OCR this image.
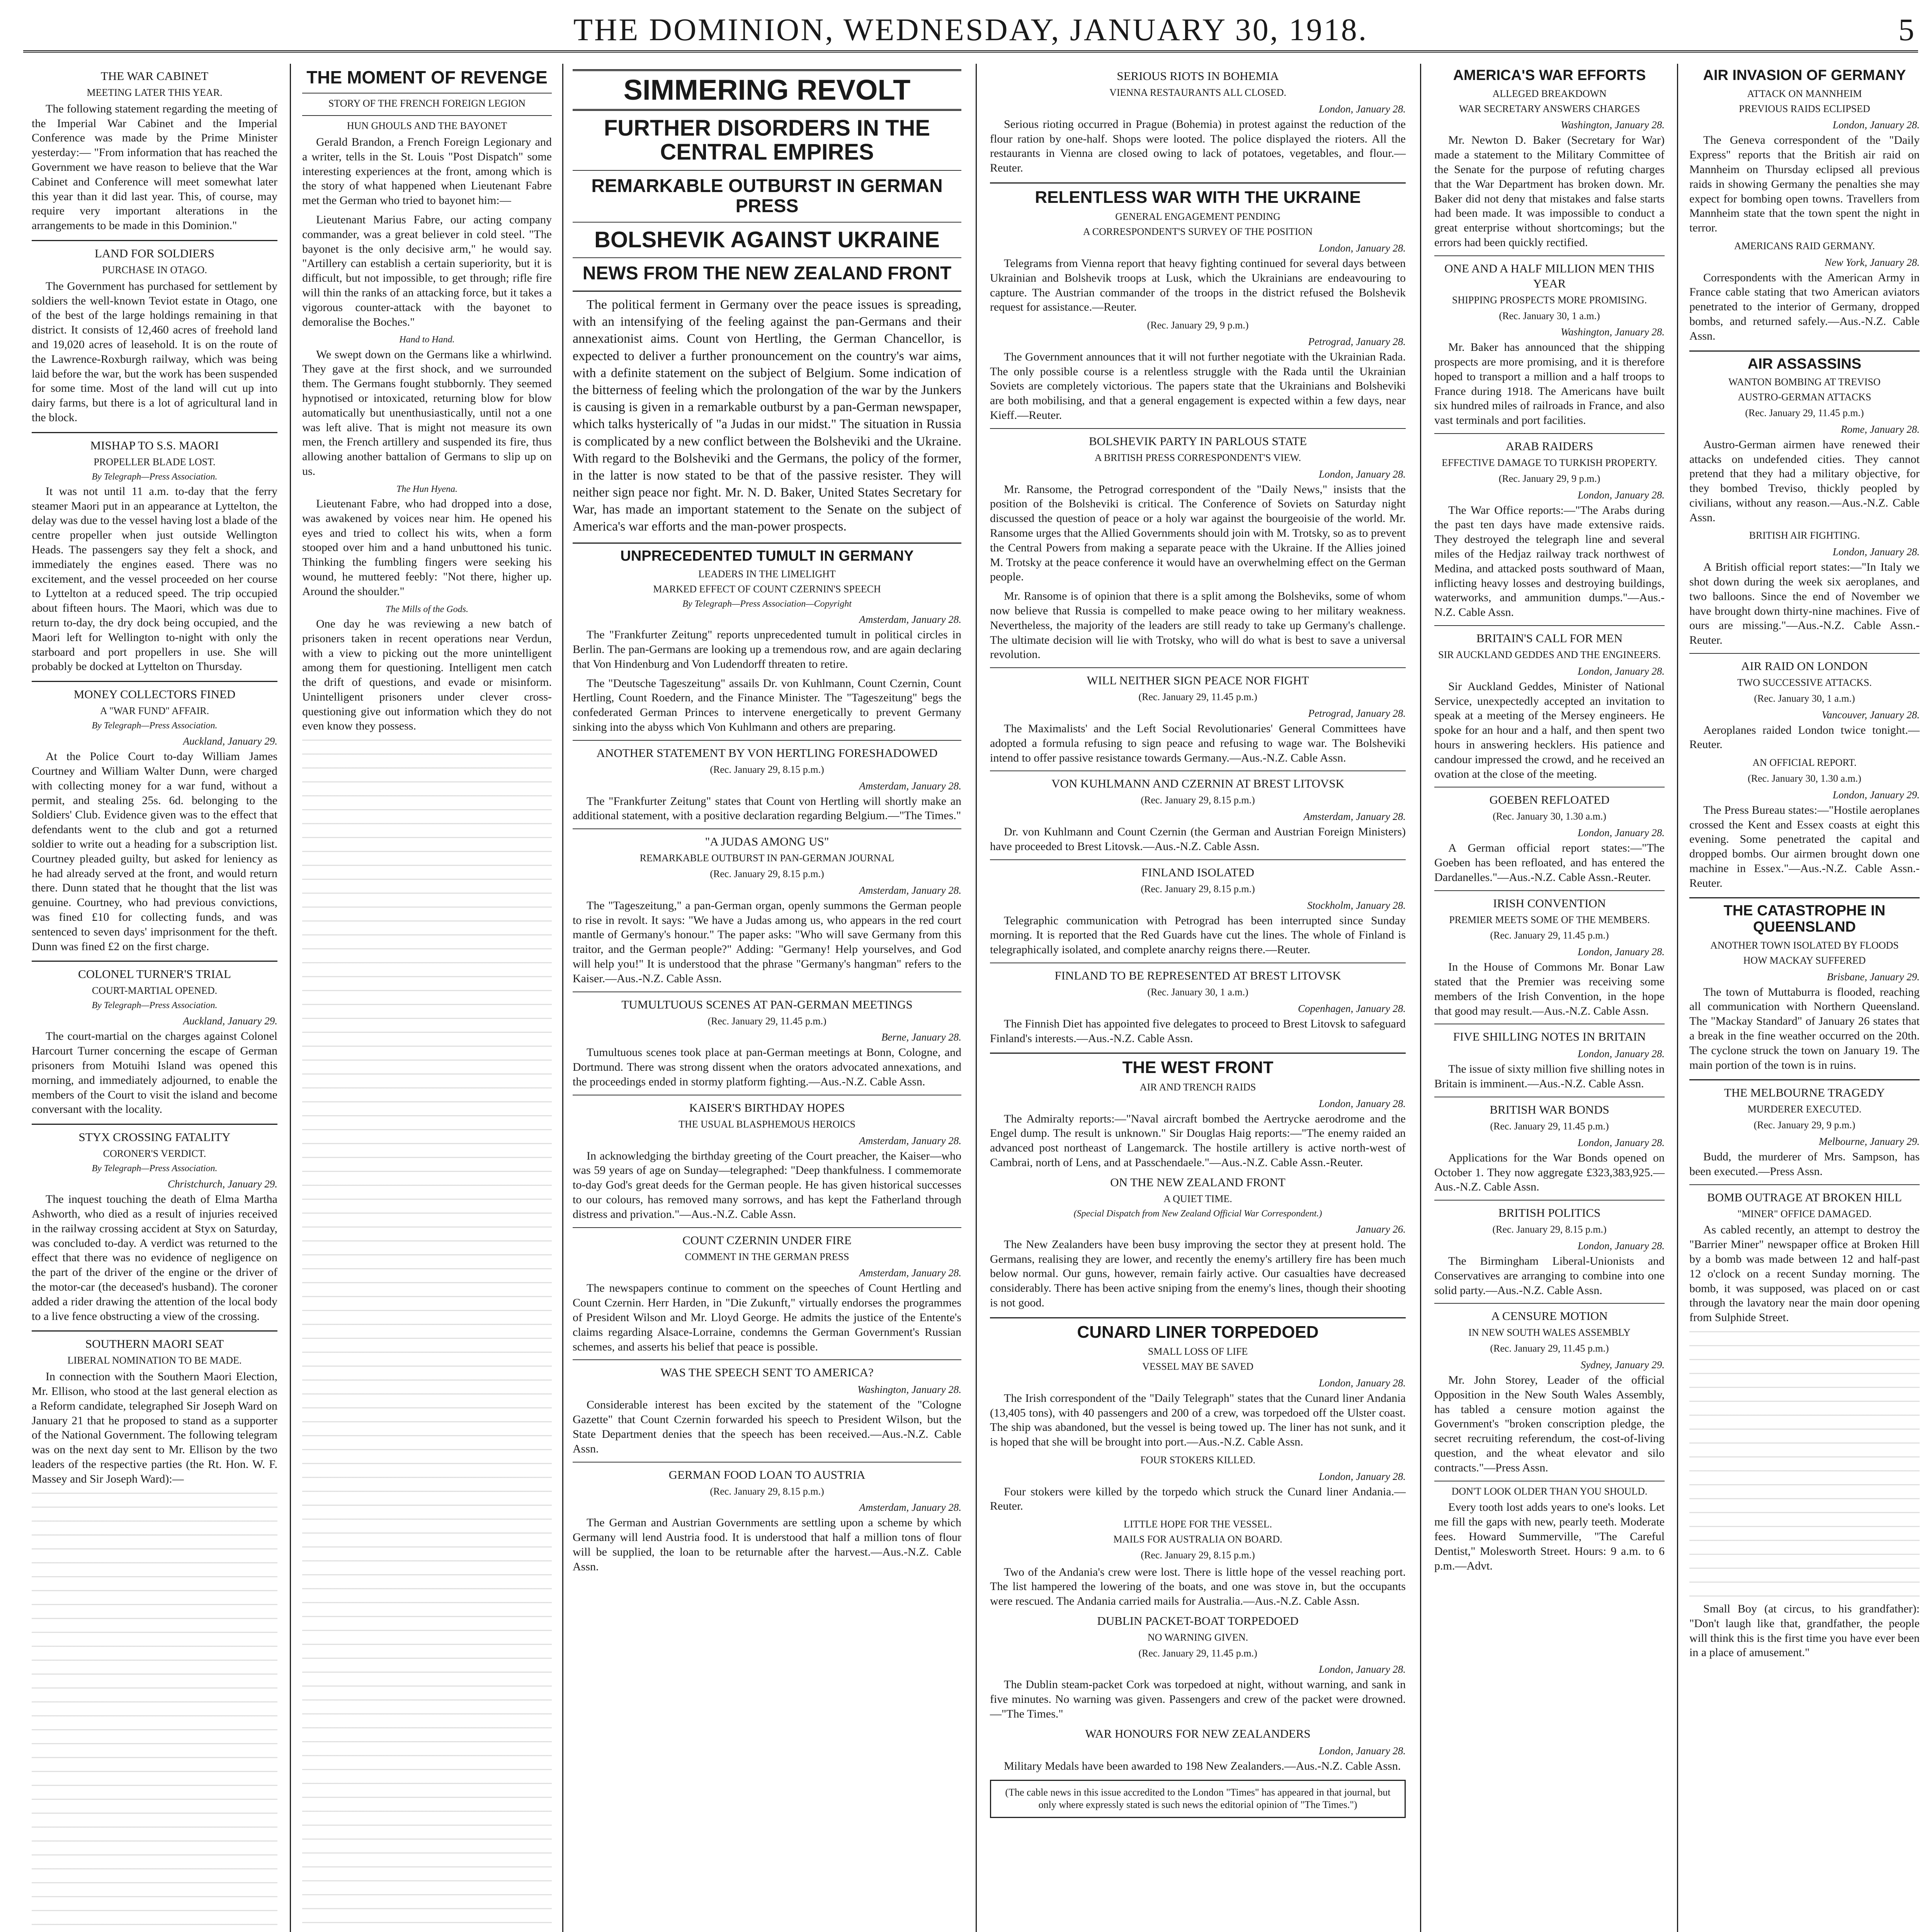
THE DOMINION, WEDNESDAY, JANUARY 30, 1918.	5
THE WAR CABINET
MEETING LATER THIS YEAR.

The following statement regarding the meeting of the Imperial War Cabinet and the Imperial Conference was made by the Prime Minister yesterday:— "From information that has reached the Government we have reason to believe that the War Cabinet and Conference will meet somewhat later this year than it did last year. This, of course, may require very important alterations in the arrangements to be made in this Dominion."

LAND FOR SOLDIERS
PURCHASE IN OTAGO.

The Government has purchased for settlement by soldiers the well-known Teviot estate in Otago, one of the best of the large holdings remaining in that district. It consists of 12,460 acres of freehold land and 19,020 acres of leasehold. It is on the route of the Lawrence-Roxburgh railway, which was being laid before the war, but the work has been suspended for some time. Most of the land will cut up into dairy farms, but there is a lot of agricultural land in the block.

MISHAP TO S.S. MAORI
PROPELLER BLADE LOST.
By Telegraph—Press Association.

It was not until 11 a.m. to-day that the ferry steamer Maori put in an appearance at Lyttelton, the delay was due to the vessel having lost a blade of the centre propeller when just outside Wellington Heads. The passengers say they felt a shock, and immediately the engines eased. There was no excitement, and the vessel proceeded on her course to Lyttelton at a reduced speed. The trip occupied about fifteen hours. The Maori, which was due to return to-day, the dry dock being occupied, and the Maori left for Wellington to-night with only the starboard and port propellers in use. She will probably be docked at Lyttelton on Thursday.

MONEY COLLECTORS FINED
A "WAR FUND" AFFAIR.
By Telegraph—Press Association.
Auckland, January 29.

At the Police Court to-day William James Courtney and William Walter Dunn, were charged with collecting money for a war fund, without a permit, and stealing 25s. 6d. belonging to the Soldiers' Club. Evidence given was to the effect that defendants went to the club and got a returned soldier to write out a heading for a subscription list. Courtney pleaded guilty, but asked for leniency as he had already served at the front, and would return there. Dunn stated that he thought that the list was genuine. Courtney, who had previous convictions, was fined £10 for collecting funds, and was sentenced to seven days' imprisonment for the theft. Dunn was fined £2 on the first charge.

COLONEL TURNER'S TRIAL
COURT-MARTIAL OPENED.
By Telegraph—Press Association.
Auckland, January 29.

The court-martial on the charges against Colonel Harcourt Turner concerning the escape of German prisoners from Motuihi Island was opened this morning, and immediately adjourned, to enable the members of the Court to visit the island and become conversant with the locality.

STYX CROSSING FATALITY
CORONER'S VERDICT.
By Telegraph—Press Association.
Christchurch, January 29.

The inquest touching the death of Elma Martha Ashworth, who died as a result of injuries received in the railway crossing accident at Styx on Saturday, was concluded to-day. A verdict was returned to the effect that there was no evidence of negligence on the part of the driver of the engine or the driver of the motor-car (the deceased's husband). The coroner added a rider drawing the attention of the local body to a live fence obstructing a view of the crossing.

SOUTHERN MAORI SEAT
LIBERAL NOMINATION TO BE MADE.

In connection with the Southern Maori Election, Mr. Ellison, who stood at the last general election as a Reform candidate, telegraphed Sir Joseph Ward on January 21 that he proposed to stand as a supporter of the National Government. The following telegram was on the next day sent to Mr. Ellison by the two leaders of the respective parties (the Rt. Hon. W. F. Massey and Sir Joseph Ward):—

THE MOMENT OF REVENGE
STORY OF THE FRENCH FOREIGN LEGION
HUN GHOULS AND THE BAYONET

Gerald Brandon, a French Foreign Legionary and a writer, tells in the St. Louis "Post Dispatch" some interesting experiences at the front, among which is the story of what happened when Lieutenant Fabre met the German who tried to bayonet him:—

Lieutenant Marius Fabre, our acting company commander, was a great believer in cold steel. "The bayonet is the only decisive arm," he would say. "Artillery can establish a certain superiority, but it is difficult, but not impossible, to get through; rifle fire will thin the ranks of an attacking force, but it takes a vigorous counter-attack with the bayonet to demoralise the Boches."

Hand to Hand.

We swept down on the Germans like a whirlwind. They gave at the first shock, and we surrounded them. The Germans fought stubbornly. They seemed hypnotised or intoxicated, returning blow for blow automatically but unenthusiastically, until not a one was left alive. That is might not measure its own men, the French artillery and suspended its fire, thus allowing another battalion of Germans to slip up on us.

The Hun Hyena.

Lieutenant Fabre, who had dropped into a dose, was awakened by voices near him. He opened his eyes and tried to collect his wits, when a form stooped over him and a hand unbuttoned his tunic. Thinking the fumbling fingers were seeking his wound, he muttered feebly: "Not there, higher up. Around the shoulder."

The Mills of the Gods.

One day he was reviewing a new batch of prisoners taken in recent operations near Verdun, with a view to picking out the more unintelligent among them for questioning. Intelligent men catch the drift of questions, and evade or misinform. Unintelligent prisoners under clever cross-questioning give out information which they do not even know they possess.

SIMMERING REVOLT
FURTHER DISORDERS IN THE CENTRAL EMPIRES
REMARKABLE OUTBURST IN GERMAN PRESS
BOLSHEVIK AGAINST UKRAINE
NEWS FROM THE NEW ZEALAND FRONT

The political ferment in Germany over the peace issues is spreading, with an intensifying of the feeling against the pan-Germans and their annexationist aims. Count von Hertling, the German Chancellor, is expected to deliver a further pronouncement on the country's war aims, with a definite statement on the subject of Belgium. Some indication of the bitterness of feeling which the prolongation of the war by the Junkers is causing is given in a remarkable outburst by a pan-German newspaper, which talks hysterically of "a Judas in our midst." The situation in Russia is complicated by a new conflict between the Bolsheviki and the Ukraine. With regard to the Bolsheviki and the Germans, the policy of the former, in the latter is now stated to be that of the passive resister. They will neither sign peace nor fight. Mr. N. D. Baker, United States Secretary for War, has made an important statement to the Senate on the subject of America's war efforts and the man-power prospects.

UNPRECEDENTED TUMULT IN GERMANY
LEADERS IN THE LIMELIGHT
MARKED EFFECT OF COUNT CZERNIN'S SPEECH
By Telegraph—Press Association—Copyright
Amsterdam, January 28.

The "Frankfurter Zeitung" reports unprecedented tumult in political circles in Berlin. The pan-Germans are looking up a tremendous row, and are again declaring that Von Hindenburg and Von Ludendorff threaten to retire.

The "Deutsche Tageszeitung" assails Dr. von Kuhlmann, Count Czernin, Count Hertling, Count Roedern, and the Finance Minister. The "Tageszeitung" begs the confederated German Princes to intervene energetically to prevent Germany sinking into the abyss which Von Kuhlmann and others are preparing.

ANOTHER STATEMENT BY VON HERTLING FORESHADOWED
(Rec. January 29, 8.15 p.m.)
Amsterdam, January 28.

The "Frankfurter Zeitung" states that Count von Hertling will shortly make an additional statement, with a positive declaration regarding Belgium.—"The Times."

"A JUDAS AMONG US"
REMARKABLE OUTBURST IN PAN-GERMAN JOURNAL
(Rec. January 29, 8.15 p.m.)
Amsterdam, January 28.

The "Tageszeitung," a pan-German organ, openly summons the German people to rise in revolt. It says: "We have a Judas among us, who appears in the red court mantle of Germany's honour." The paper asks: "Who will save Germany from this traitor, and the German people?" Adding: "Germany! Help yourselves, and God will help you!" It is understood that the phrase "Germany's hangman" refers to the Kaiser.—Aus.-N.Z. Cable Assn.

TUMULTUOUS SCENES AT PAN-GERMAN MEETINGS
(Rec. January 29, 11.45 p.m.)
Berne, January 28.

Tumultuous scenes took place at pan-German meetings at Bonn, Cologne, and Dortmund. There was strong dissent when the orators advocated annexations, and the proceedings ended in stormy platform fighting.—Aus.-N.Z. Cable Assn.

KAISER'S BIRTHDAY HOPES
THE USUAL BLASPHEMOUS HEROICS
Amsterdam, January 28.

In acknowledging the birthday greeting of the Court preacher, the Kaiser—who was 59 years of age on Sunday—telegraphed: "Deep thankfulness. I commemorate to-day God's great deeds for the German people. He has given historical successes to our colours, has removed many sorrows, and has kept the Fatherland through distress and privation."—Aus.-N.Z. Cable Assn.

COUNT CZERNIN UNDER FIRE
COMMENT IN THE GERMAN PRESS
Amsterdam, January 28.

The newspapers continue to comment on the speeches of Count Hertling and Count Czernin. Herr Harden, in "Die Zukunft," virtually endorses the programmes of President Wilson and Mr. Lloyd George. He admits the justice of the Entente's claims regarding Alsace-Lorraine, condemns the German Government's Russian schemes, and asserts his belief that peace is possible.

WAS THE SPEECH SENT TO AMERICA?
Washington, January 28.

Considerable interest has been excited by the statement of the "Cologne Gazette" that Count Czernin forwarded his speech to President Wilson, but the State Department denies that the speech has been received.—Aus.-N.Z. Cable Assn.

GERMAN FOOD LOAN TO AUSTRIA
(Rec. January 29, 8.15 p.m.)
Amsterdam, January 28.

The German and Austrian Governments are settling upon a scheme by which Germany will lend Austria food. It is understood that half a million tons of flour will be supplied, the loan to be returnable after the harvest.—Aus.-N.Z. Cable Assn.

SERIOUS RIOTS IN BOHEMIA
VIENNA RESTAURANTS ALL CLOSED.
London, January 28.

Serious rioting occurred in Prague (Bohemia) in protest against the reduction of the flour ration by one-half. Shops were looted. The police displayed the rioters. All the restaurants in Vienna are closed owing to lack of potatoes, vegetables, and flour.—Reuter.

RELENTLESS WAR WITH THE UKRAINE
GENERAL ENGAGEMENT PENDING
A CORRESPONDENT'S SURVEY OF THE POSITION
London, January 28.

Telegrams from Vienna report that heavy fighting continued for several days between Ukrainian and Bolshevik troops at Lusk, which the Ukrainians are endeavouring to capture. The Austrian commander of the troops in the district refused the Bolshevik request for assistance.—Reuter.

(Rec. January 29, 9 p.m.)
Petrograd, January 28.

The Government announces that it will not further negotiate with the Ukrainian Rada. The only possible course is a relentless struggle with the Rada until the Ukrainian Soviets are completely victorious. The papers state that the Ukrainians and Bolsheviki are both mobilising, and that a general engagement is expected within a few days, near Kieff.—Reuter.

BOLSHEVIK PARTY IN PARLOUS STATE
A BRITISH PRESS CORRESPONDENT'S VIEW.
London, January 28.

Mr. Ransome, the Petrograd correspondent of the "Daily News," insists that the position of the Bolsheviki is critical. The Conference of Soviets on Saturday night discussed the question of peace or a holy war against the bourgeoisie of the world. Mr. Ransome urges that the Allied Governments should join with M. Trotsky, so as to prevent the Central Powers from making a separate peace with the Ukraine. If the Allies joined M. Trotsky at the peace conference it would have an overwhelming effect on the German people.

Mr. Ransome is of opinion that there is a split among the Bolsheviks, some of whom now believe that Russia is compelled to make peace owing to her military weakness. Nevertheless, the majority of the leaders are still ready to take up Germany's challenge. The ultimate decision will lie with Trotsky, who will do what is best to save a universal revolution.

WILL NEITHER SIGN PEACE NOR FIGHT
(Rec. January 29, 11.45 p.m.)
Petrograd, January 28.

The Maximalists' and the Left Social Revolutionaries' General Committees have adopted a formula refusing to sign peace and refusing to wage war. The Bolsheviki intend to offer passive resistance towards Germany.—Aus.-N.Z. Cable Assn.

VON KUHLMANN AND CZERNIN AT BREST LITOVSK
(Rec. January 29, 8.15 p.m.)
Amsterdam, January 28.

Dr. von Kuhlmann and Count Czernin (the German and Austrian Foreign Ministers) have proceeded to Brest Litovsk.—Aus.-N.Z. Cable Assn.

FINLAND ISOLATED
(Rec. January 29, 8.15 p.m.)
Stockholm, January 28.

Telegraphic communication with Petrograd has been interrupted since Sunday morning. It is reported that the Red Guards have cut the lines. The whole of Finland is telegraphically isolated, and complete anarchy reigns there.—Reuter.

FINLAND TO BE REPRESENTED AT BREST LITOVSK
(Rec. January 30, 1 a.m.)
Copenhagen, January 28.

The Finnish Diet has appointed five delegates to proceed to Brest Litovsk to safeguard Finland's interests.—Aus.-N.Z. Cable Assn.

THE WEST FRONT
AIR AND TRENCH RAIDS
London, January 28.

The Admiralty reports:—"Naval aircraft bombed the Aertrycke aerodrome and the Engel dump. The result is unknown." Sir Douglas Haig reports:—"The enemy raided an advanced post northeast of Langemarck. The hostile artillery is active north-west of Cambrai, north of Lens, and at Passchendaele."—Aus.-N.Z. Cable Assn.-Reuter.

ON THE NEW ZEALAND FRONT
A QUIET TIME.
(Special Dispatch from New Zealand Official War Correspondent.)
January 26.

The New Zealanders have been busy improving the sector they at present hold. The Germans, realising they are lower, and recently the enemy's artillery fire has been much below normal. Our guns, however, remain fairly active. Our casualties have decreased considerably. There has been active sniping from the enemy's lines, though their shooting is not good.

CUNARD LINER TORPEDOED
SMALL LOSS OF LIFE
VESSEL MAY BE SAVED
London, January 28.

The Irish correspondent of the "Daily Telegraph" states that the Cunard liner Andania (13,405 tons), with 40 passengers and 200 of a crew, was torpedoed off the Ulster coast. The ship was abandoned, but the vessel is being towed up. The liner has not sunk, and it is hoped that she will be brought into port.—Aus.-N.Z. Cable Assn.

FOUR STOKERS KILLED.
London, January 28.

Four stokers were killed by the torpedo which struck the Cunard liner Andania.—Reuter.

LITTLE HOPE FOR THE VESSEL.
MAILS FOR AUSTRALIA ON BOARD.
(Rec. January 29, 8.15 p.m.)

Two of the Andania's crew were lost. There is little hope of the vessel reaching port. The list hampered the lowering of the boats, and one was stove in, but the occupants were rescued. The Andania carried mails for Australia.—Aus.-N.Z. Cable Assn.

DUBLIN PACKET-BOAT TORPEDOED
NO WARNING GIVEN.
(Rec. January 29, 11.45 p.m.)
London, January 28.

The Dublin steam-packet Cork was torpedoed at night, without warning, and sank in five minutes. No warning was given. Passengers and crew of the packet were drowned.—"The Times."

WAR HONOURS FOR NEW ZEALANDERS
London, January 28.

Military Medals have been awarded to 198 New Zealanders.—Aus.-N.Z. Cable Assn.

(The cable news in this issue accredited to the London "Times" has appeared in that journal, but only where expressly stated is such news the editorial opinion of "The Times.")
AMERICA'S WAR EFFORTS
ALLEGED BREAKDOWN
WAR SECRETARY ANSWERS CHARGES
Washington, January 28.

Mr. Newton D. Baker (Secretary for War) made a statement to the Military Committee of the Senate for the purpose of refuting charges that the War Department has broken down. Mr. Baker did not deny that mistakes and false starts had been made. It was impossible to conduct a great enterprise without shortcomings; but the errors had been quickly rectified.

ONE AND A HALF MILLION MEN THIS YEAR
SHIPPING PROSPECTS MORE PROMISING.
(Rec. January 30, 1 a.m.)
Washington, January 28.

Mr. Baker has announced that the shipping prospects are more promising, and it is therefore hoped to transport a million and a half troops to France during 1918. The Americans have built six hundred miles of railroads in France, and also vast terminals and port facilities.

ARAB RAIDERS
EFFECTIVE DAMAGE TO TURKISH PROPERTY.
(Rec. January 29, 9 p.m.)
London, January 28.

The War Office reports:—"The Arabs during the past ten days have made extensive raids. They destroyed the telegraph line and several miles of the Hedjaz railway track northwest of Medina, and attacked posts southward of Maan, inflicting heavy losses and destroying buildings, waterworks, and ammunition dumps."—Aus.-N.Z. Cable Assn.

BRITAIN'S CALL FOR MEN
SIR AUCKLAND GEDDES AND THE ENGINEERS.
London, January 28.

Sir Auckland Geddes, Minister of National Service, unexpectedly accepted an invitation to speak at a meeting of the Mersey engineers. He spoke for an hour and a half, and then spent two hours in answering hecklers. His patience and candour impressed the crowd, and he received an ovation at the close of the meeting.

GOEBEN REFLOATED
(Rec. January 30, 1.30 a.m.)
London, January 28.

A German official report states:—"The Goeben has been refloated, and has entered the Dardanelles."—Aus.-N.Z. Cable Assn.-Reuter.

IRISH CONVENTION
PREMIER MEETS SOME OF THE MEMBERS.
(Rec. January 29, 11.45 p.m.)
London, January 28.

In the House of Commons Mr. Bonar Law stated that the Premier was receiving some members of the Irish Convention, in the hope that good may result.—Aus.-N.Z. Cable Assn.

FIVE SHILLING NOTES IN BRITAIN
London, January 28.

The issue of sixty million five shilling notes in Britain is imminent.—Aus.-N.Z. Cable Assn.

BRITISH WAR BONDS
(Rec. January 29, 11.45 p.m.)
London, January 28.

Applications for the War Bonds opened on October 1. They now aggregate £323,383,925.—Aus.-N.Z. Cable Assn.

BRITISH POLITICS
(Rec. January 29, 8.15 p.m.)
London, January 28.

The Birmingham Liberal-Unionists and Conservatives are arranging to combine into one solid party.—Aus.-N.Z. Cable Assn.

A CENSURE MOTION
IN NEW SOUTH WALES ASSEMBLY
(Rec. January 29, 11.45 p.m.)
Sydney, January 29.

Mr. John Storey, Leader of the official Opposition in the New South Wales Assembly, has tabled a censure motion against the Government's "broken conscription pledge, the secret recruiting referendum, the cost-of-living question, and the wheat elevator and silo contracts."—Press Assn.

DON'T LOOK OLDER THAN YOU SHOULD.

Every tooth lost adds years to one's looks. Let me fill the gaps with new, pearly teeth. Moderate fees. Howard Summerville, "The Careful Dentist," Molesworth Street. Hours: 9 a.m. to 6 p.m.—Advt.

AIR INVASION OF GERMANY
ATTACK ON MANNHEIM
PREVIOUS RAIDS ECLIPSED
London, January 28.

The Geneva correspondent of the "Daily Express" reports that the British air raid on Mannheim on Thursday eclipsed all previous raids in showing Germany the penalties she may expect for bombing open towns. Travellers from Mannheim state that the town spent the night in terror.

AMERICANS RAID GERMANY.
New York, January 28.

Correspondents with the American Army in France cable stating that two American aviators penetrated to the interior of Germany, dropped bombs, and returned safely.—Aus.-N.Z. Cable Assn.

AIR ASSASSINS
WANTON BOMBING AT TREVISO
AUSTRO-GERMAN ATTACKS
(Rec. January 29, 11.45 p.m.)
Rome, January 28.

Austro-German airmen have renewed their attacks on undefended cities. They cannot pretend that they had a military objective, for they bombed Treviso, thickly peopled by civilians, without any reason.—Aus.-N.Z. Cable Assn.

BRITISH AIR FIGHTING.
London, January 28.

A British official report states:—"In Italy we shot down during the week six aeroplanes, and two balloons. Since the end of November we have brought down thirty-nine machines. Five of ours are missing."—Aus.-N.Z. Cable Assn.-Reuter.

AIR RAID ON LONDON
TWO SUCCESSIVE ATTACKS.
(Rec. January 30, 1 a.m.)
Vancouver, January 28.

Aeroplanes raided London twice tonight.—Reuter.

AN OFFICIAL REPORT.
(Rec. January 30, 1.30 a.m.)
London, January 29.

The Press Bureau states:—"Hostile aeroplanes crossed the Kent and Essex coasts at eight this evening. Some penetrated the capital and dropped bombs. Our airmen brought down one machine in Essex."—Aus.-N.Z. Cable Assn.-Reuter.

THE CATASTROPHE IN QUEENSLAND
ANOTHER TOWN ISOLATED BY FLOODS
HOW MACKAY SUFFERED
Brisbane, January 29.

The town of Muttaburra is flooded, reaching all communication with Northern Queensland. The "Mackay Standard" of January 26 states that a break in the fine weather occurred on the 20th. The cyclone struck the town on January 19. The main portion of the town is in ruins.

THE MELBOURNE TRAGEDY
MURDERER EXECUTED.
(Rec. January 29, 9 p.m.)
Melbourne, January 29.

Budd, the murderer of Mrs. Sampson, has been executed.—Press Assn.

BOMB OUTRAGE AT BROKEN HILL
"MINER" OFFICE DAMAGED.

As cabled recently, an attempt to destroy the "Barrier Miner" newspaper office at Broken Hill by a bomb was made between 12 and half-past 12 o'clock on a recent Sunday morning. The bomb, it was supposed, was placed on or cast through the lavatory near the main door opening from Sulphide Street.

Small Boy (at circus, to his grandfather): "Don't laugh like that, grandfather, the people will think this is the first time you have ever been in a place of amusement."
